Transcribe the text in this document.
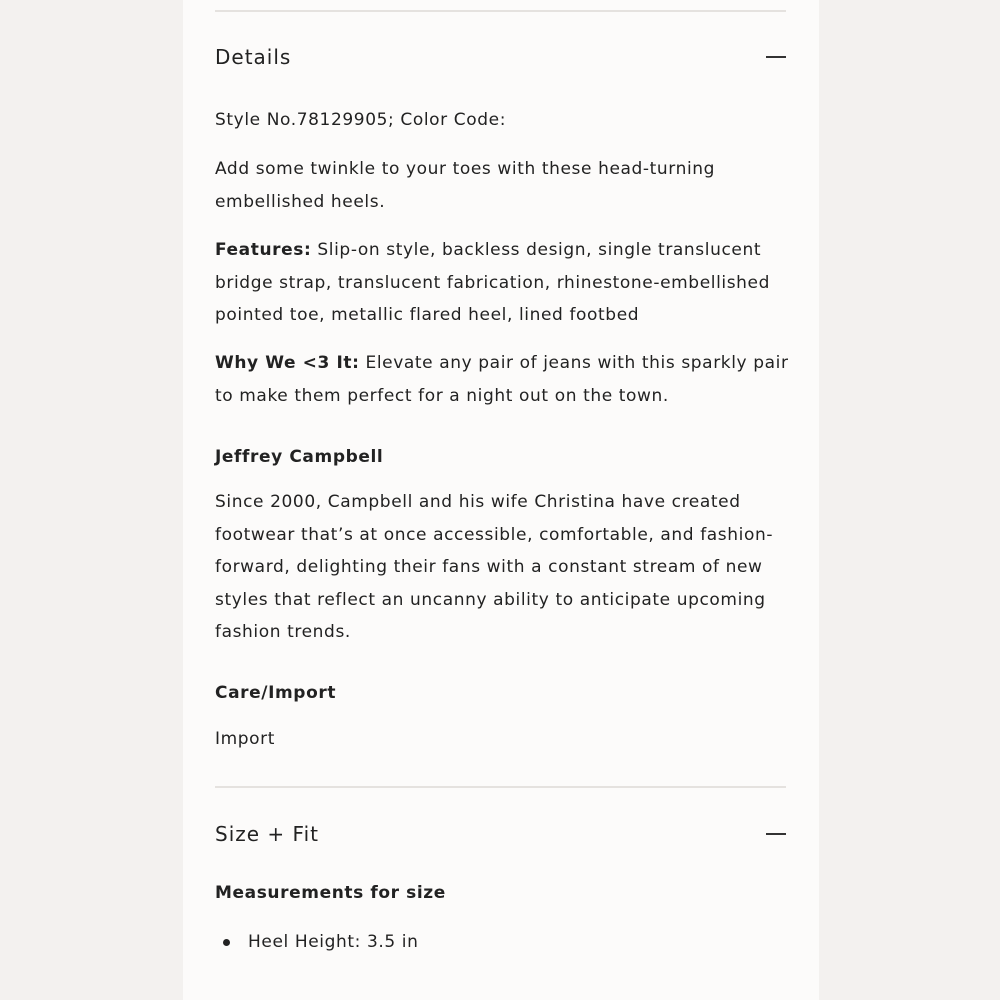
Details

Style No.78129905; Color Code:

Add some twinkle to your toes with these head-turning embellished heels.

Features: Slip-on style, backless design, single translucent bridge strap, translucent fabrication, rhinestone-embellished pointed toe, metallic flared heel, lined footbed

Why We <3 It: Elevate any pair of jeans with this sparkly pair to make them perfect for a night out on the town.

Jeffrey Campbell

Since 2000, Campbell and his wife Christina have created footwear that’s at once accessible, comfortable, and fashion-forward, delighting their fans with a constant stream of new styles that reflect an uncanny ability to anticipate upcoming fashion trends.

Care/Import

Import

Size + Fit
Measurements for size
Heel Height: 3.5 in
